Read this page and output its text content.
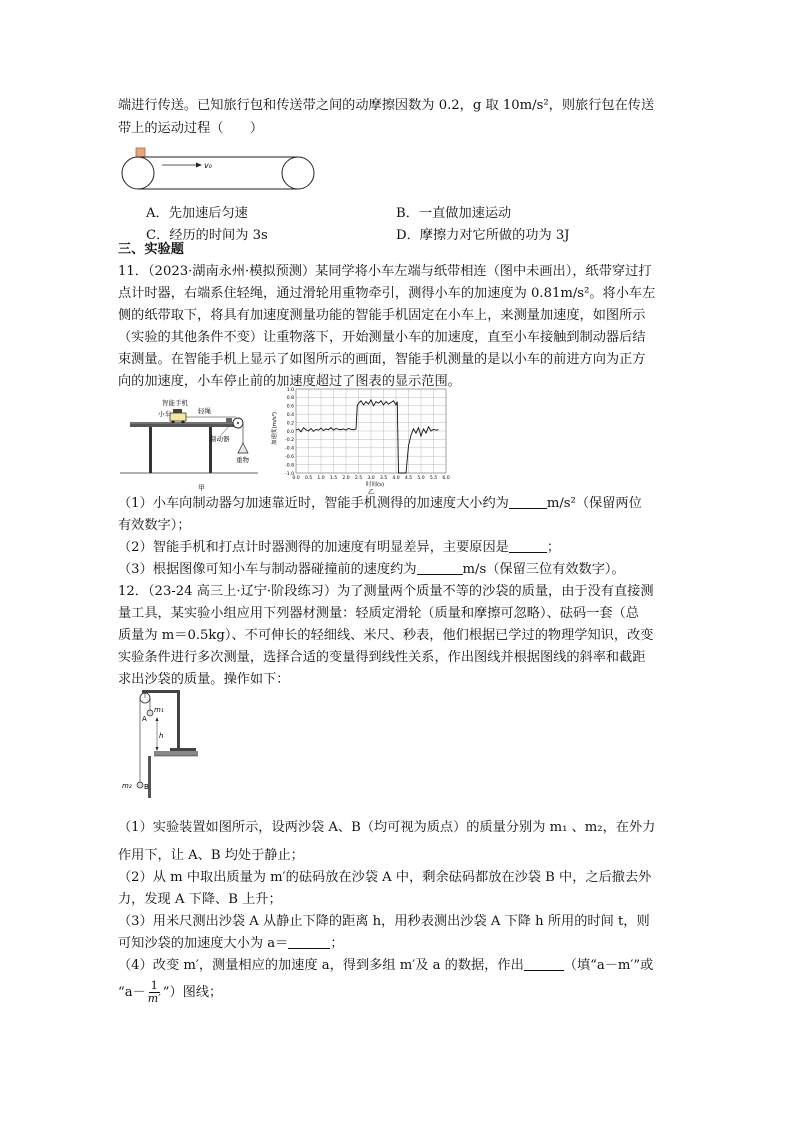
端进行传送。已知旅行包和传送带之间的动摩擦因数为 0.2，g 取 10m/s²，则旅行包在传送
带上的运动过程（　　）
v₀
A．先加速后匀速	B．一直做加速运动
C．经历的时间为 3s	D．摩擦力对它所做的功为 3J
三、实验题
11．（2023·湖南永州·模拟预测）某同学将小车左端与纸带相连（图中未画出），纸带穿过打
点计时器，右端系住轻绳，通过滑轮用重物牵引，测得小车的加速度为 0.81m/s²。将小车左
侧的纸带取下，将具有加速度测量功能的智能手机固定在小车上，来测量加速度，如图所示
（实验的其他条件不变）让重物落下，开始测量小车的加速度，直至小车接触到制动器后结
束测量。在智能手机上显示了如图所示的画面，智能手机测量的是以小车的前进方向为正方
向的加速度，小车停止前的加速度超过了图表的显示范围。
智能手机
小车	轻绳
制动器
重物
甲
1.0
0.8
0.6
0.4
0.2
0.0
-0.2
-0.4
-0.6
-0.8
-1.0
0.0 0.5 1.0 1.5 2.0 2.5 3.0 3.5 4.0 4.5 5.0 5.5 6.0
加速度(m/s²)
时间(s)
乙
（1）小车向制动器匀加速靠近时，智能手机测得的加速度大小约为	m/s²（保留两位
有效数字）；
（2）智能手机和打点计时器测得的加速度有明显差异，主要原因是	；
（3）根据图像可知小车与制动器碰撞前的速度约为	m/s（保留三位有效数字）。
12．（23-24 高三上·辽宁·阶段练习）为了测量两个质量不等的沙袋的质量，由于没有直接测
量工具，某实验小组应用下列器材测量：轻质定滑轮（质量和摩擦可忽略）、砝码一套（总
质量为 m＝0.5kg）、不可伸长的轻细线、米尺、秒表，他们根据已学过的物理学知识，改变
实验条件进行多次测量，选择合适的变量得到线性关系，作出图线并根据图线的斜率和截距
求出沙袋的质量。操作如下：
m₁
A
h
m₂ B
（1）实验装置如图所示，设两沙袋 A、B（均可视为质点）的质量分别为 m₁ 、m₂，在外力
作用下，让 A、B 均处于静止；
（2）从 m 中取出质量为 m′的砝码放在沙袋 A 中，剩余砝码都放在沙袋 B 中，之后撤去外
力，发现 A 下降、B 上升；
（3）用米尺测出沙袋 A 从静止下降的距离 h，用秒表测出沙袋 A 下降 h 所用的时间 t，则
可知沙袋的加速度大小为 a＝	；
（4）改变 m′，测量相应的加速度 a，得到多组 m′及 a 的数据，作出	（填“a－m′”或
“a－ 1
m′ ”）图线；
